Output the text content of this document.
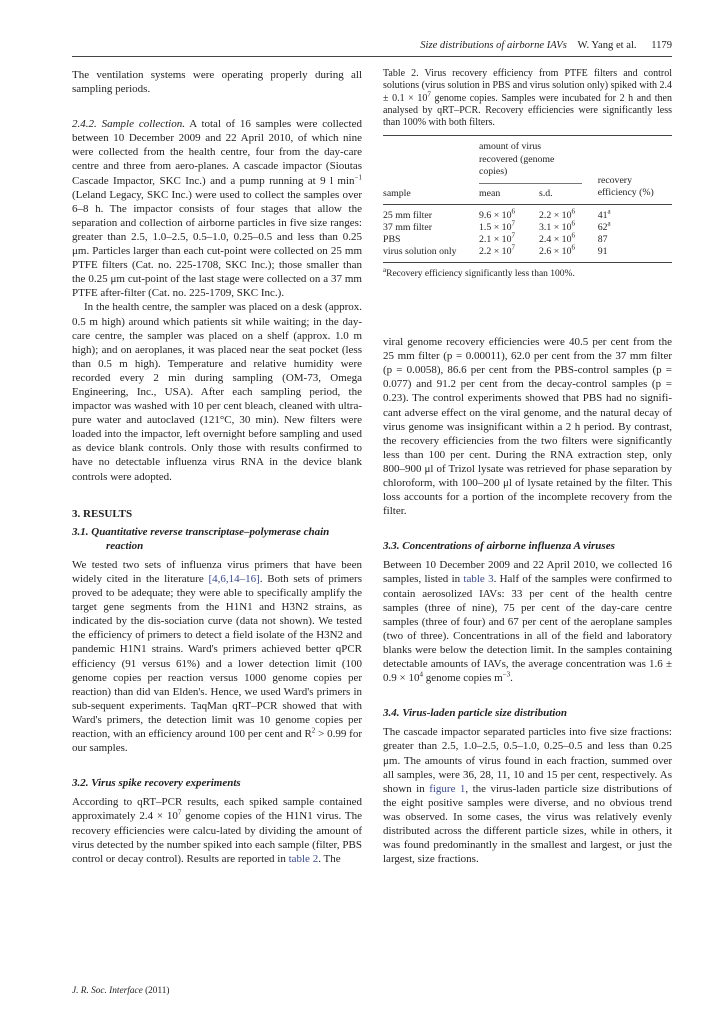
Size distributions of airborne IAVs W. Yang et al. 1179

The ventilation systems were operating properly during all sampling periods.

2.4.2. Sample collection. A total of 16 samples were collected between 10 December 2009 and 22 April 2010, of which nine were collected from the health centre, four from the day-care centre and three from aero-planes. A cascade impactor (Sioutas Cascade Impactor, SKC Inc.) and a pump running at 9 l $\min^{-1}$ (Leland Legacy, SKC Inc.) were used to collect the samples over 6–8 h. The impactor consists of four stages that allow the separation and collection of airborne particles in five size ranges: greater than 2.5, 1.0–2.5, 0.5–1.0, 0.25–0.5 and less than 0.25 μm. Particles larger than each cut-point were collected on 25 mm PTFE filters (Cat. no. 225-1708, SKC Inc.); those smaller than the 0.25 μm cut-point of the last stage were collected on a 37 mm PTFE after-filter (Cat. no. 225-1709, SKC Inc.).

In the health centre, the sampler was placed on a desk (approx. 0.5 m high) around which patients sit while waiting; in the day-care centre, the sampler was placed on a shelf (approx. 1.0 m high); and on aeroplanes, it was placed near the seat pocket (less than 0.5 m high). Temperature and relative humidity were recorded every 2 min during sampling (OM-73, Omega Engineering, Inc., USA). After each sampling period, the impactor was washed with 10 per cent bleach, cleaned with ultra-pure water and autoclaved (121°C, 30 min). New filters were loaded into the impactor, left overnight before sampling and used as device blank controls. Only those with results confirmed to have no detectable influenza virus RNA in the device blank controls were adopted.

3. RESULTS
3.1. Quantitative reverse transcriptase–polymerase chain reaction

We tested two sets of influenza virus primers that have been widely cited in the literature [4,6,14–16]. Both sets of primers proved to be adequate; they were able to specifically amplify the target gene segments from the H1N1 and H3N2 strains, as indicated by the dis-sociation curve (data not shown). We tested the efficiency of primers to detect a field isolate of the H3N2 and pandemic H1N1 strains. Ward's primers achieved better qPCR efficiency (91 versus 61%) and a lower detection limit (100 genome copies per reaction versus 1000 genome copies per reaction) than did van Elden's. Hence, we used Ward's primers in sub-sequent experiments. TaqMan qRT–PCR showed that with Ward's primers, the detection limit was 10 genome copies per reaction, with an efficiency around 100 per cent and $R^2 > 0.99$ for our samples.

3.2. Virus spike recovery experiments

According to qRT–PCR results, each spiked sample contained approximately $2.4 \times 10^7$ genome copies of the H1N1 virus. The recovery efficiencies were calcu-lated by dividing the amount of virus detected by the number spiked into each sample (filter, PBS control or decay control). Results are reported in table 2. The

Table 2. Virus recovery efficiency from PTFE filters and control solutions (virus solution in PBS and virus solution only) spiked with $2.4 \pm 0.1 \times 10^7$ genome copies. Samples were incubated for 2 h and then analysed by qRT–PCR. Recovery efficiencies were significantly less than 100% with both filters.
	amount of virus recovered (genome copies)		recovery efficiency (%)
sample	mean	s.d.	

25 mm filter	$9.6 \times 10^6$	$2.2 \times 10^6$	41$^a$
37 mm filter	$1.5 \times 10^7$	$3.1 \times 10^6$	62$^a$
PBS	$2.1 \times 10^7$	$2.4 \times 10^6$	87
virus solution only	$2.2 \times 10^7$	$2.6 \times 10^6$	91
$^a$Recovery efficiency significantly less than 100%.

viral genome recovery efficiencies were 40.5 per cent from the 25 mm filter (p = 0.00011), 62.0 per cent from the 37 mm filter (p = 0.0058), 86.6 per cent from the PBS-control samples (p = 0.077) and 91.2 per cent from the decay-control samples (p = 0.23). The control experiments showed that PBS had no signifi-cant adverse effect on the viral genome, and the natural decay of virus genome was insignificant within a 2 h period. By contrast, the recovery efficiencies from the two filters were significantly less than 100 per cent. During the RNA extraction step, only 800–900 μl of Trizol lysate was retrieved for phase separation by chloroform, with 100–200 μl of lysate retained by the filter. This loss accounts for a portion of the incomplete recovery from the filter.

3.3. Concentrations of airborne influenza A viruses

Between 10 December 2009 and 22 April 2010, we collected 16 samples, listed in table 3. Half of the samples were confirmed to contain aerosolized IAVs: 33 per cent of the health centre samples (three of nine), 75 per cent of the day-care centre samples (three of four) and 67 per cent of the aeroplane samples (two of three). Concentrations in all of the field and laboratory blanks were below the detection limit. In the samples containing detectable amounts of IAVs, the average concentration was $1.6 \pm 0.9 \times 10^4$ genome copies $m^{-3}$.

3.4. Virus-laden particle size distribution

The cascade impactor separated particles into five size fractions: greater than 2.5, 1.0–2.5, 0.5–1.0, 0.25–0.5 and less than 0.25 μm. The amounts of virus found in each fraction, summed over all samples, were 36, 28, 11, 10 and 15 per cent, respectively. As shown in figure 1, the virus-laden particle size distributions of the eight positive samples were diverse, and no obvious trend was observed. In some cases, the virus was relatively evenly distributed across the different particle sizes, while in others, it was found predominantly in the smallest and largest, or just the largest, size fractions.

J. R. Soc. Interface (2011)
